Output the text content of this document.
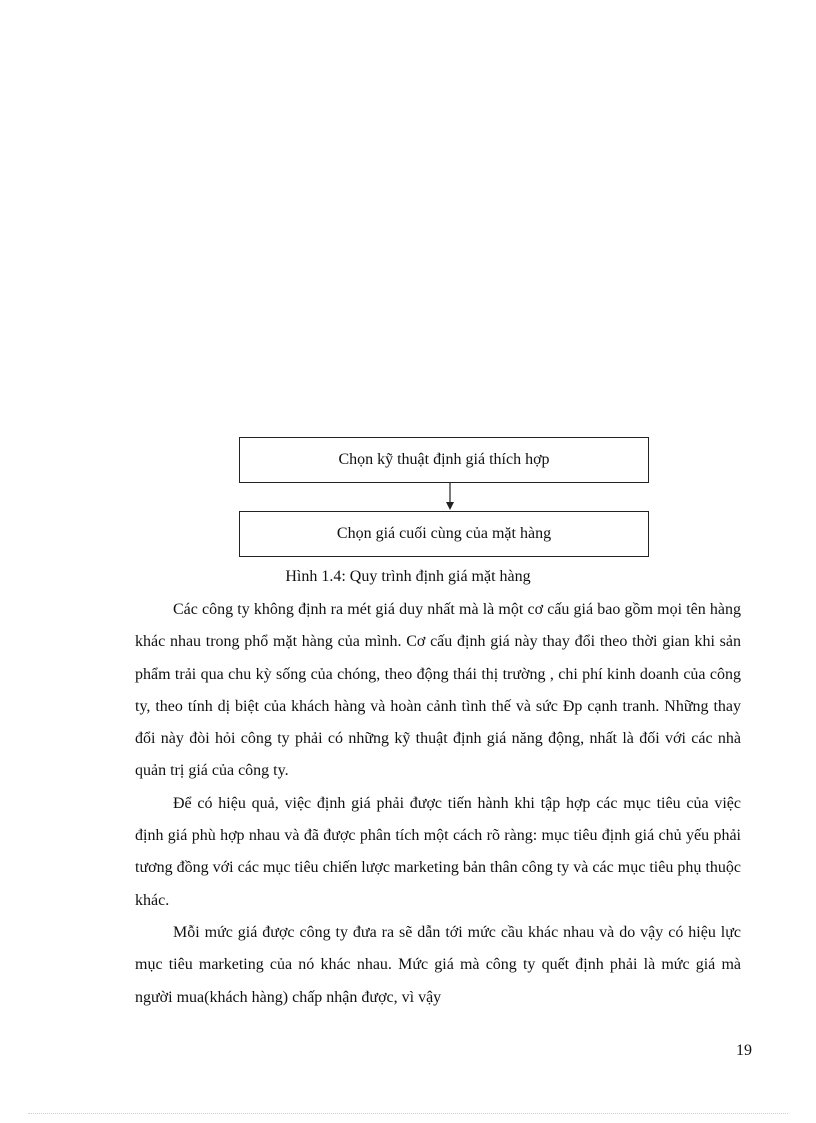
Chọn kỹ thuật định giá thích hợp
Chọn giá cuối cùng của mặt hàng
Hình 1.4: Quy trình định giá mặt hàng

Các công ty không định ra mét giá duy nhất mà là một cơ cấu giá bao gồm mọi tên hàng khác nhau trong phổ mặt hàng của mình. Cơ cấu định giá này thay đổi theo thời gian khi sản phẩm trải qua chu kỳ sống của chóng, theo động thái thị trường , chi phí kinh doanh của công ty, theo tính dị biệt của khách hàng và hoàn cảnh tình thế và sức Đp cạnh tranh. Những thay đổi này đòi hỏi công ty phải có những kỹ thuật định giá năng động, nhất là đối với các nhà quản trị giá của công ty.

Để có hiệu quả, việc định giá phải được tiến hành khi tập hợp các mục tiêu của việc định giá phù hợp nhau và đã được phân tích một cách rõ ràng: mục tiêu định giá chủ yếu phải tương đồng với các mục tiêu chiến lược marketing bản thân công ty và các mục tiêu phụ thuộc khác.

Mỗi mức giá được công ty đưa ra sẽ dẫn tới mức cầu khác nhau và do vậy có hiệu lực mục tiêu marketing của nó khác nhau. Mức giá mà công ty quết định phải là mức giá mà người mua(khách hàng) chấp nhận được, vì vậy

19
